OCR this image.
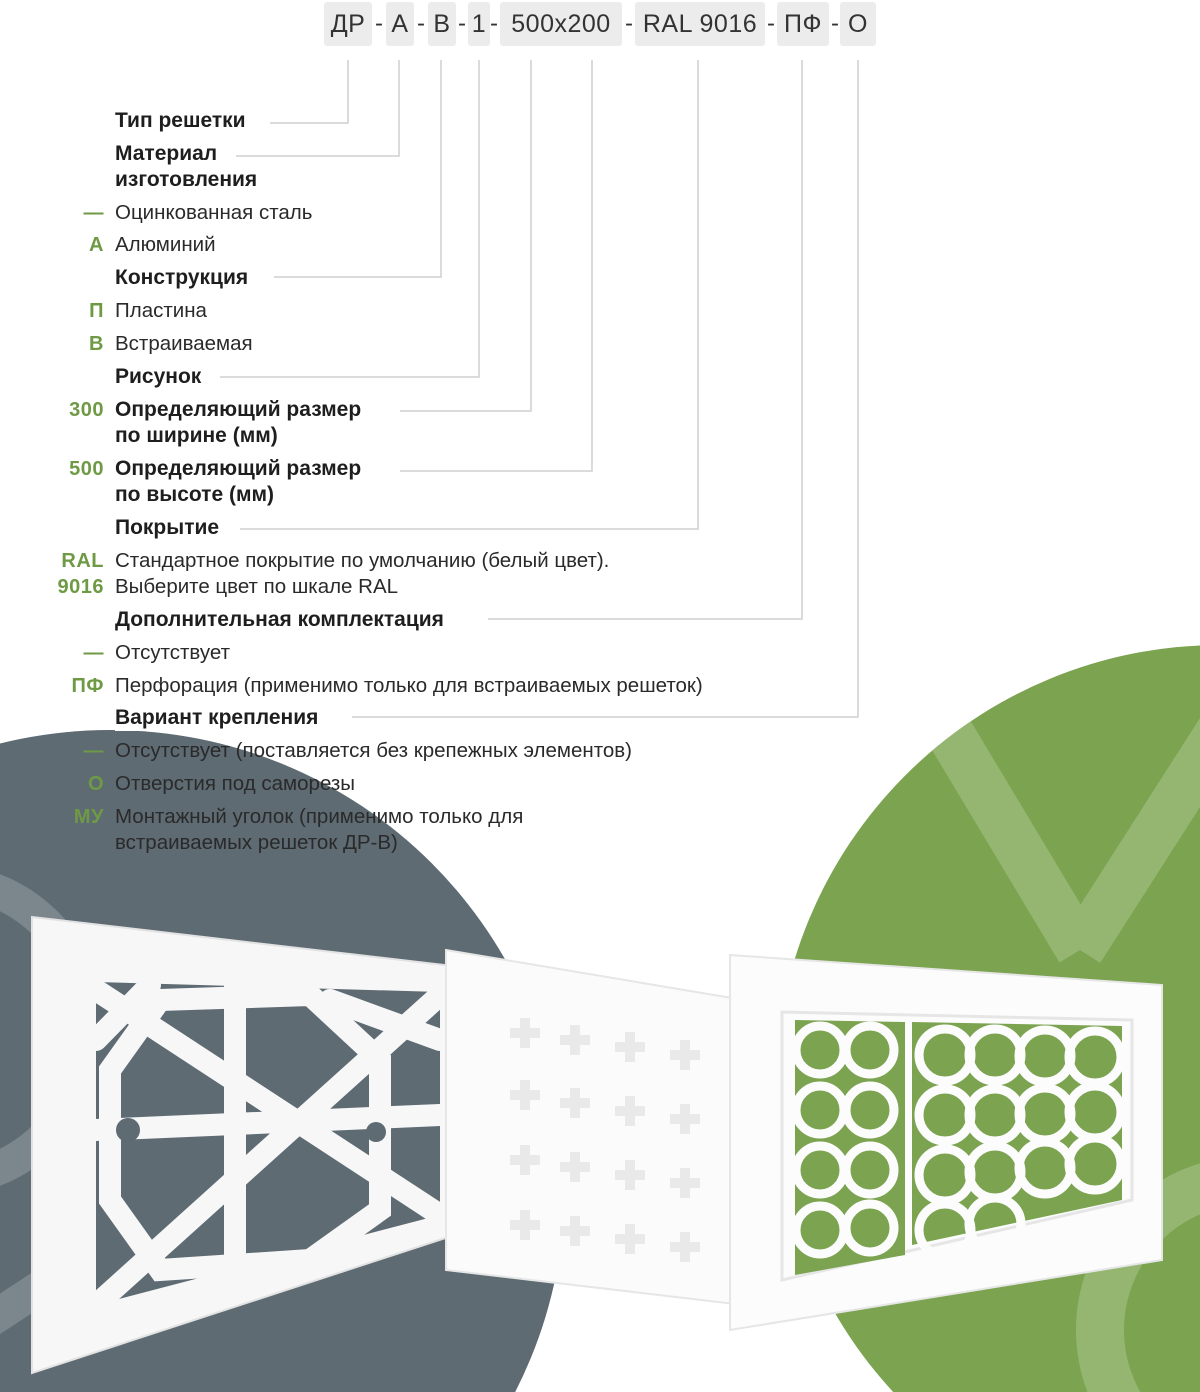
ДР - А - В - 1 - 500x200 - RAL 9016 - ПФ - О
Тип решетки
Материал
изготовления
— Оцинкованная сталь
А Алюминий
Конструкция
П Пластина
В Встраиваемая
Рисунок
300 Определяющий размер
по ширине (мм)
500 Определяющий размер
по высоте (мм)
Покрытие
RAL Стандартное покрытие по умолчанию (белый цвет).
9016 Выберите цвет по шкале RAL
Дополнительная комплектация
— Отсутствует
ПФ Перфорация (применимо только для встраиваемых решеток)
Вариант крепления
— Отсутствует (поставляется без крепежных элементов)
О Отверстия под саморезы
МУ Монтажный уголок (применимо только для
встраиваемых решеток ДР-В)
